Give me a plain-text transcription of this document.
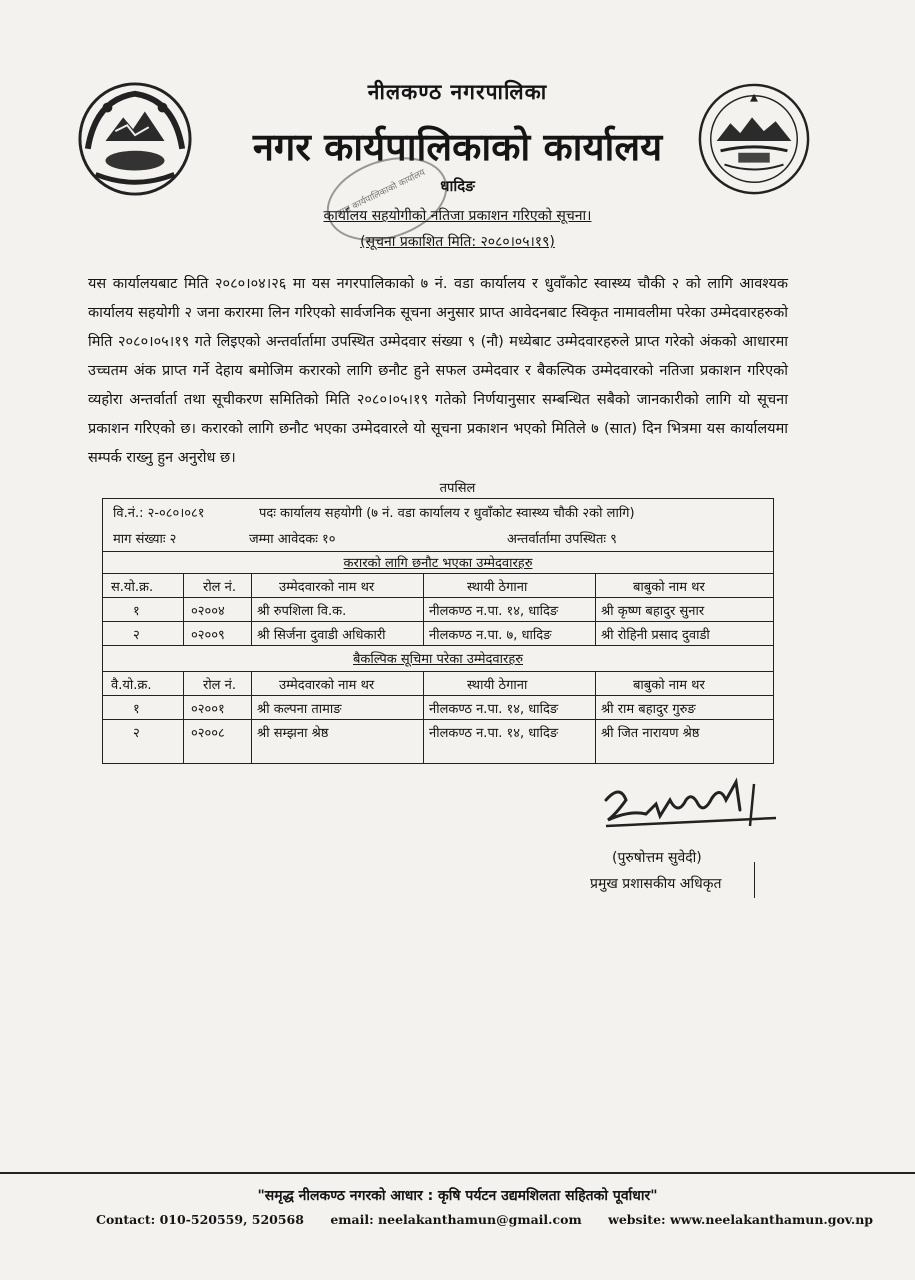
नीलकण्ठ नगरपालिका
नगर कार्यपालिकाको कार्यालय
धादिङ
कार्यालय सहयोगीको नतिजा प्रकाशन गरिएको सूचना।
(सूचना प्रकाशित मिति: २०८०।०५।१९)
नगर कार्यपालिकाको कार्यालय
यस कार्यालयबाट मिति २०८०।०४।२६ मा यस नगरपालिकाको ७ नं. वडा कार्यालय र धुवाँकोट स्वास्थ्य चौकी २ को लागि आवश्यक कार्यालय सहयोगी २ जना करारमा लिन गरिएको सार्वजनिक सूचना अनुसार प्राप्त आवेदनबाट स्विकृत नामावलीमा परेका उम्मेदवारहरुको मिति २०८०।०५।१९ गते लिइएको अन्तर्वार्तामा उपस्थित उम्मेदवार संख्या ९ (नौ) मध्येबाट उम्मेदवारहरुले प्राप्त गरेको अंकको आधारमा उच्चतम अंक प्राप्त गर्ने देहाय बमोजिम करारको लागि छनौट हुने सफल उम्मेदवार र बैकल्पिक उम्मेदवारको नतिजा प्रकाशन गरिएको व्यहोरा अन्तर्वार्ता तथा सूचीकरण समितिको मिति २०८०।०५।१९ गतेको निर्णयानुसार सम्बन्धित सबैको जानकारीको लागि यो सूचना प्रकाशन गरिएको छ। करारको लागि छनौट भएका उम्मेदवारले यो सूचना प्रकाशन भएको मितिले ७ (सात) दिन भित्रमा यस कार्यालयमा सम्पर्क राख्नु हुन अनुरोध छ।
तपसिल
वि.नं.: २-०८०।०८१	पदः कार्यालय सहयोगी (७ नं. वडा कार्यालय र धुवाँकोट स्वास्थ्य चौकी २को लागि)
माग संख्याः २	जम्मा आवेदकः १०	अन्तर्वार्तामा उपस्थितः ९
करारको लागि छनौट भएका उम्मेदवारहरु
स.यो.क्र.	रोल नं.	उम्मेदवारको नाम थर	स्थायी ठेगाना	बाबुको नाम थर
१	०२००४ श्री रुपशिला वि.क.	नीलकण्ठ न.पा. १४, धादिङ	श्री कृष्ण बहादुर सुनार
२	०२००९ श्री सिर्जना दुवाडी अधिकारी	नीलकण्ठ न.पा. ७, धादिङ	श्री रोहिनी प्रसाद दुवाडी
बैकल्पिक सूचिमा परेका उम्मेदवारहरु
वै.यो.क्र.	रोल नं.	उम्मेदवारको नाम थर	स्थायी ठेगाना	बाबुको नाम थर
१	०२००१ श्री कल्पना तामाङ	नीलकण्ठ न.पा. १४, धादिङ	श्री राम बहादुर गुरुङ
२	०२००८ श्री सम्झना श्रेष्ठ	नीलकण्ठ न.पा. १४, धादिङ	श्री जित नारायण श्रेष्ठ
(पुरुषोत्तम सुवेदी)
प्रमुख प्रशासकीय अधिकृत
"समृद्ध नीलकण्ठ नगरको आधार : कृषि पर्यटन उद्यमशिलता सहितको पूर्वाधार"
Contact: 010-520559, 520568 email: neelakanthamun@gmail.com website: www.neelakanthamun.gov.np
